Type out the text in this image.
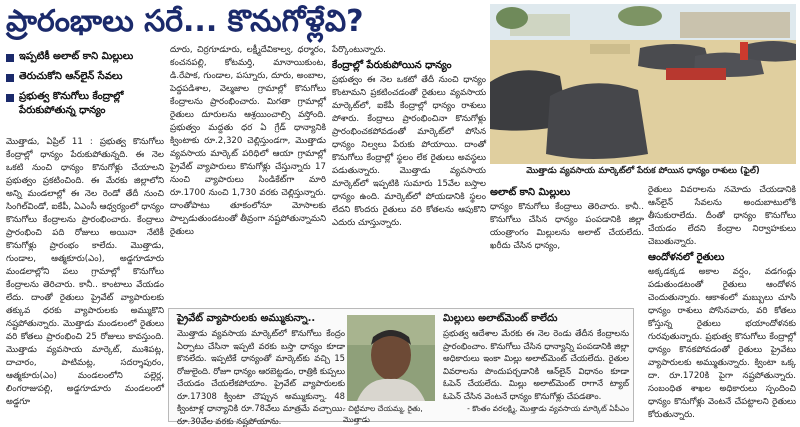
ప్రారంభాలు సరే... కొనుగోళ్లేవి?
ఇప్పటికీ అలాట్ కాని మిల్లులు
తెరుచుకోని ఆన్‌లైన్ సేవలు
ప్రభుత్వ కొనుగోలు కేంద్రాల్లో పేరుకుపోతున్న ధాన్యం

మొత్తాడు, ఏప్రిల్ 11 : ప్రభుత్వ కొనుగోలు కేంద్రాల్లో ధాన్యం పేరుకుపోతున్నది. ఈ నెల ఒకటి నుంచి ధాన్యం కొనుగోళ్లు చేయాలని ప్రభుత్వం ప్రకటించింది. ఈ మేరకు జిల్లాలోని అన్ని మండలాల్లో ఈ నెల రెండో తేదీ నుంచి సింగిల్‌విండో, ఐకేపీ, ఏఎంసీ ఆధ్వర్యంలో ధాన్యం కొనుగోలు కేంద్రాలను ప్రారంభించారు. కేంద్రాలు ప్రారంభించి పది రోజులు అయినా నేటికీ కొనుగోళ్లు ప్రారంభం కాలేదు. మొత్తాడు, గుండాల, ఆత్మకూరు(ఎం), అడ్డగూడూరు మండలాల్లోని పలు గ్రామాల్లో కొనుగోలు కేంద్రాలను తెరిచారు. కానీ.. కాంటాలు వేయడం లేదు. దాంతో రైతులు ప్రైవేట్ వ్యాపారులకు తక్కువ ధరకు వ్యాపారులకు అమ్ముకొని నష్టపోతున్నారు. మొత్తాడు మండలంలో రైతులు వరి కోతలు ప్రారంభించి 25 రోజులు కావస్తుంది. మొత్తాడు వ్యవసాయ మార్కెట్, ముశిపట్ల, దాచారం, పాటిమట్ల, సదర్శాపురం, ఆత్మకూరు(ఎం) మండలంలోని పల్లెర్ల, లింగరాజుపల్లి, అడ్డగూడూరు మండలంలో అడ్డగూ

దూరు, చిర్రగూడూరు, లక్ష్మీదేవికాల్వ, ధర్మారం, కంచనపల్లి, కోటమర్తి, మానాయికుంట, డి.రేపాక, గుండాల, పస్నూరు, దూరు, అంబాల, పెద్దపడిశాల, వెల్మజాల గ్రామాల్లో కొనుగోలు కేంద్రాలను ప్రారంభించారు. మిగతా గ్రామాల్లో రైతులు దూరులను ఆశ్రయించాల్సి వస్తోంది. ప్రభుత్వం మద్దతు ధర ఏ గ్రేడ్ ధాన్యానికి క్వింటాకు రూ.2,320 చెల్లిస్తుండగా, మొత్తాడు వ్యవసాయ మార్కెట్ పరిధిలో ఆయా గ్రామాల్లో ప్రైవేట్ వ్యాపారులు కొనుగోళ్లు చేస్తున్నారు 17 నుంచి వ్యాపారులు సిండికేట్‌గా మారి రూ.1700 నుంచి 1,730 వరకు చెల్లిస్తున్నారు. దాంతోపాటు తూకంలోనూ మోసాలకు పాల్పడుతుండటంతో తీవ్రంగా నష్టపోతున్నామని రైతులు

పేర్కొంటున్నారు.

కేంద్రాల్లో పేరుకుపోయిన ధాన్యం

ప్రభుత్వం ఈ నెల ఒకటో తేదీ నుంచి ధాన్యం కొంటామని ప్రకటించడంతో రైతులు వ్యవసాయ మార్కెట్‌లో, ఐకేపీ కేంద్రాల్లో ధాన్యం రాశులు పోశారు. కేంద్రాలు ప్రారంభించినా కొనుగోళ్లు ప్రారంభించకపోవడంతో మార్కెట్‌లో పోసిన ధాన్యం నిల్వలు పేరుకు పోయాయి. దాంతో కొనుగోలు కేంద్రాల్లో స్థలం లేక రైతులు అవస్థలు పడుతున్నారు. మొత్తాడు వ్యవసాయ మార్కెట్‌లో ఇప్పటికి సుమారు 15వేల బస్తాల ధాన్యం ఉంది. మార్కెట్‌లో పోయడానికి స్థలం లేదని కొందరు రైతులు వరి కోతలను ఆపుకొని ఎదురు చూస్తున్నారు.

మొత్తాడు వ్యవసాయ మార్కెట్‌లో పేరుక పోయిన ధాన్యం రాశులు (ఫైల్)
అలాట్ కాని మిల్లులు

ధాన్యం కొనుగోలు కేంద్రాలు తెరిచారు. కానీ.. కొనుగోలు చేసిన ధాన్యం పంపడానికి జిల్లా యంత్రాంగం మిల్లులను అలాట్ చేయలేదు. ఖరీదు చేసిన ధాన్యం,

రైతులు వివరాలను నమోదు చేయడానికి ఆన్‌లైన్ సేవలను అందుబాటులోకి తీసుకురాలేదు. దీంతో ధాన్యం కొనుగోలు చేయడం లేదని కేంద్రాల నిర్వాహకులు చెబుతున్నారు.

ఆందోళనలో రైతులు

అక్కడక్కడ అకాల వర్షం, వడగండ్లు పడుతుండటంతో రైతులు ఆందోళన చెందుతున్నారు. ఆకాశంలో మబ్బులు చూసి ధాన్యం రాశులు పోసినవారు, వరి కోతలు కోస్తున్న రైతులు భయాందోళనకు గురవుతున్నారు. ప్రభుత్వ కొనుగోలు కేంద్రాల్లో ధాన్యం కొనకపోవడంతో రైతులు ప్రైవేటు వ్యాపారులకు అమ్ముతున్నారు. క్వింటా ఒక్క దా. రూ.1720కి పైగా నష్టపోతున్నారు. సంబంధిత శాఖల అధికారులు స్పందించి ధాన్యం కొనుగోళ్లు వెంటనే చేపట్టాలని రైతులు కోరుతున్నారు.

ప్రైవేట్ వ్యాపారులకు అమ్ముకున్నా..
మొత్తాడు వ్యవసాయ మార్కెట్‌లో కొనుగోలు కేంద్రం ఏర్పాటు చేసినా ఇప్పటి వరకు బస్తా ధాన్యం కూడా కొనలేదు. ఇప్పటికే ధాన్యంతో మార్కెట్‌కు వచ్చి 15 రోజులైంది. రోజూ ధాన్యం ఆరబెట్టడం, రాత్రికి కుప్పలు చేయడం చేయలేకపోయాం. ప్రైవేట్ వ్యాపారులకు రూ.17308 క్వింటా చొప్పున అమ్ముకున్నా. 48 క్వింటాళ్ల ధాన్యానికి రూ.78వేలు మాత్రమే వచ్చాయి. రూ.30వేల వరకు నష్టపోయాను.
- చిట్టిమాల చేయమ్మ, రైతు, మొత్తాడు
మిల్లులు అలాట్‌మెంట్ కాలేదు
ప్రభుత్వ ఆదేశాల మేరకు ఈ నెల రెండు తేదీన కేంద్రాలను ప్రారంభించాం. కొనుగోలు చేసిన ధాన్యాన్ని పంపడానికి జిల్లా అధికారులు ఇంకా మిల్లు అలాట్‌మెంట్ చేయలేదు. రైతుల వివరాలను పొందుపర్చడానికి ఆన్‌లైన్ విధానం కూడా ఓపెన్ చేయలేదు. మిల్లు అలాట్‌మెంట్ రాగానే ట్యాబ్ ఓపెన్ చేసిన వెంటనే ధాన్యం కొనుగోళ్లు చేపడతాం.
- కొంతం వరలక్ష్మి, మొత్తాడు వ్యవసాయ మార్కెట్ ఏపీఎం
